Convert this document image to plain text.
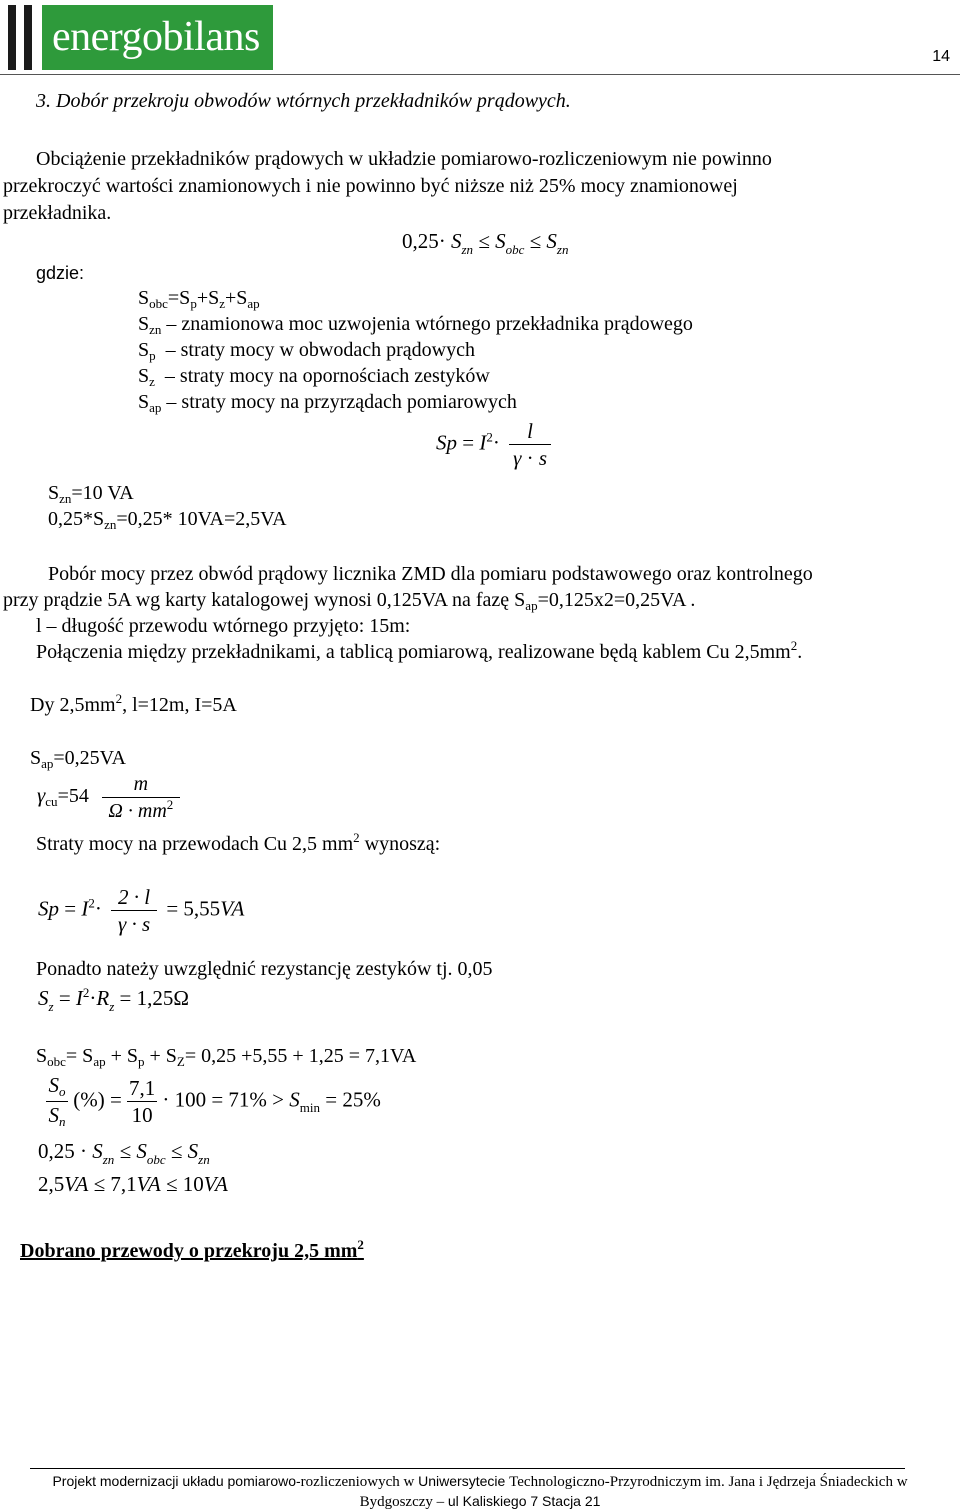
energobilans	14
3. Dobór przekroju obwodów wtórnych przekładników prądowych.
Obciążenie przekładników prądowych w układzie pomiarowo-rozliczeniowym nie powinno
przekroczyć wartości znamionowych i nie powinno być niższe niż 25% mocy znamionowej
przekładnika.
$0,25\cdot S_{zn} \le S_{obc} \le S_{zn}$
gdzie:
$S_{obc}=S_p+S_z+S_{ap}$
$S_{zn}$ – znamionowa moc uzwojenia wtórnego przekładnika prądowego
$S_p$  – straty mocy w obwodach prądowych
$S_z$  – straty mocy na opornościach zestyków
$S_{ap}$ – straty mocy na przyrządach pomiarowych
$Sp = I^2\cdot \frac{l}{\gamma \cdot s}$
$S_{zn}=10$ VA
$0,25*S_{zn}=0,25*$ 10VA=2,5VA
Pobór mocy przez obwód prądowy licznika ZMD dla pomiaru podstawowego oraz kontrolnego
przy prądzie 5A wg karty katalogowej wynosi 0,125VA na fazę $S_{ap}=0,125x2=0,25VA$ .
l – długość przewodu wtórnego przyjęto: 15m:
Połączenia między przekładnikami, a tablicą pomiarową, realizowane będą kablem Cu $2,5mm^2$.
Dy $2,5mm^2$, l=12m, I=5A
$S_{ap}=0,25VA$
$\gamma_{cu}=54 \frac{m}{\Omega \cdot mm^2}$
Straty mocy na przewodach Cu 2,5 $mm^2$ wynoszą:
$Sp = I^2\cdot \frac{2 \cdot l}{\gamma \cdot s} = 5,55VA$
Ponadto nateży uwzględnić rezystancję zestyków tj. 0,05
$S_z = I^2\cdot R_z = 1,25\Omega$
$S_{obc}= S_{ap} + S_p + S_Z= 0,25 +5,55 + 1,25 = 7,1VA$
$\frac{So}{Sn}$ (%) = $\frac{7,1}{10} \cdot 100 = 71\% > S_{min} = 25\%$
$0,25 \cdot S_{zn} \le S_{obc} \le S_{zn}$
2,5VA ≤ 7,1VA ≤ 10VA
Dobrano przewody o przekroju 2,5 $mm^2$
Projekt modernizacji układu pomiarowo-rozliczeniowych w Uniwersytecie Technologiczno-Przyrodniczym im. Jana i Jędrzeja Śniadeckich w
Bydgoszczy – ul Kaliskiego 7 Stacja 21
